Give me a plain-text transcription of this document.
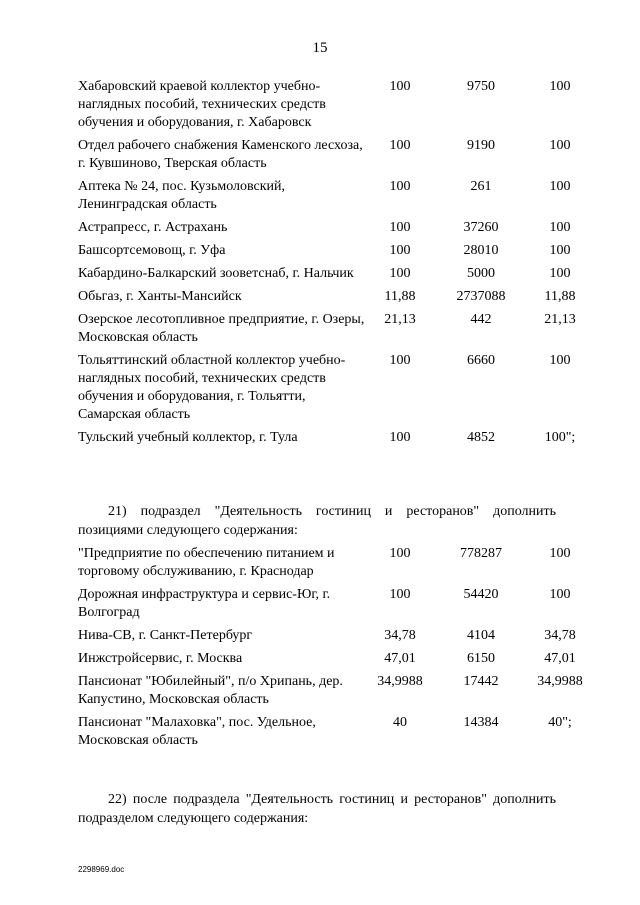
15
Хабаровский краевой коллектор учебно-наглядных пособий, технических средств обучения и оборудования, г. Хабаровск	100	9750	100
Отдел рабочего снабжения Каменского лесхоза, г. Кувшиново, Тверская область	100	9190	100
Аптека № 24, пос. Кузьмоловский, Ленинградская область	100	261	100
Астрапресс, г. Астрахань	100	37260	100
Башсортсемовощ, г. Уфа	100	28010	100
Кабардино-Балкарский зооветснаб, г. Нальчик	100	5000	100
Обьгаз, г. Ханты-Мансийск	11,88	2737088	11,88
Озерское лесотопливное предприятие, г. Озеры, Московская область	21,13	442	21,13
Тольяттинский областной коллектор учебно-наглядных пособий, технических средств обучения и оборудования, г. Тольятти, Самарская область	100	6660	100
Тульский учебный коллектор, г. Тула	100	4852	100";

21) подраздел "Деятельность гостиниц и ресторанов" дополнить позициями следующего содержания:

"Предприятие по обеспечению питанием и торговому обслуживанию, г. Краснодар	100	778287	100
Дорожная инфраструктура и сервис-Юг, г. Волгоград	100	54420	100
Нива-СВ, г. Санкт-Петербург	34,78	4104	34,78
Инжстройсервис, г. Москва	47,01	6150	47,01
Пансионат "Юбилейный", п/о Хрипань, дер. Капустино, Московская область	34,9988	17442	34,9988
Пансионат "Малаховка", пос. Удельное, Московская область	40	14384	40";

22) после подраздела "Деятельность гостиниц и ресторанов" дополнить подразделом следующего содержания:

2298969.doc
